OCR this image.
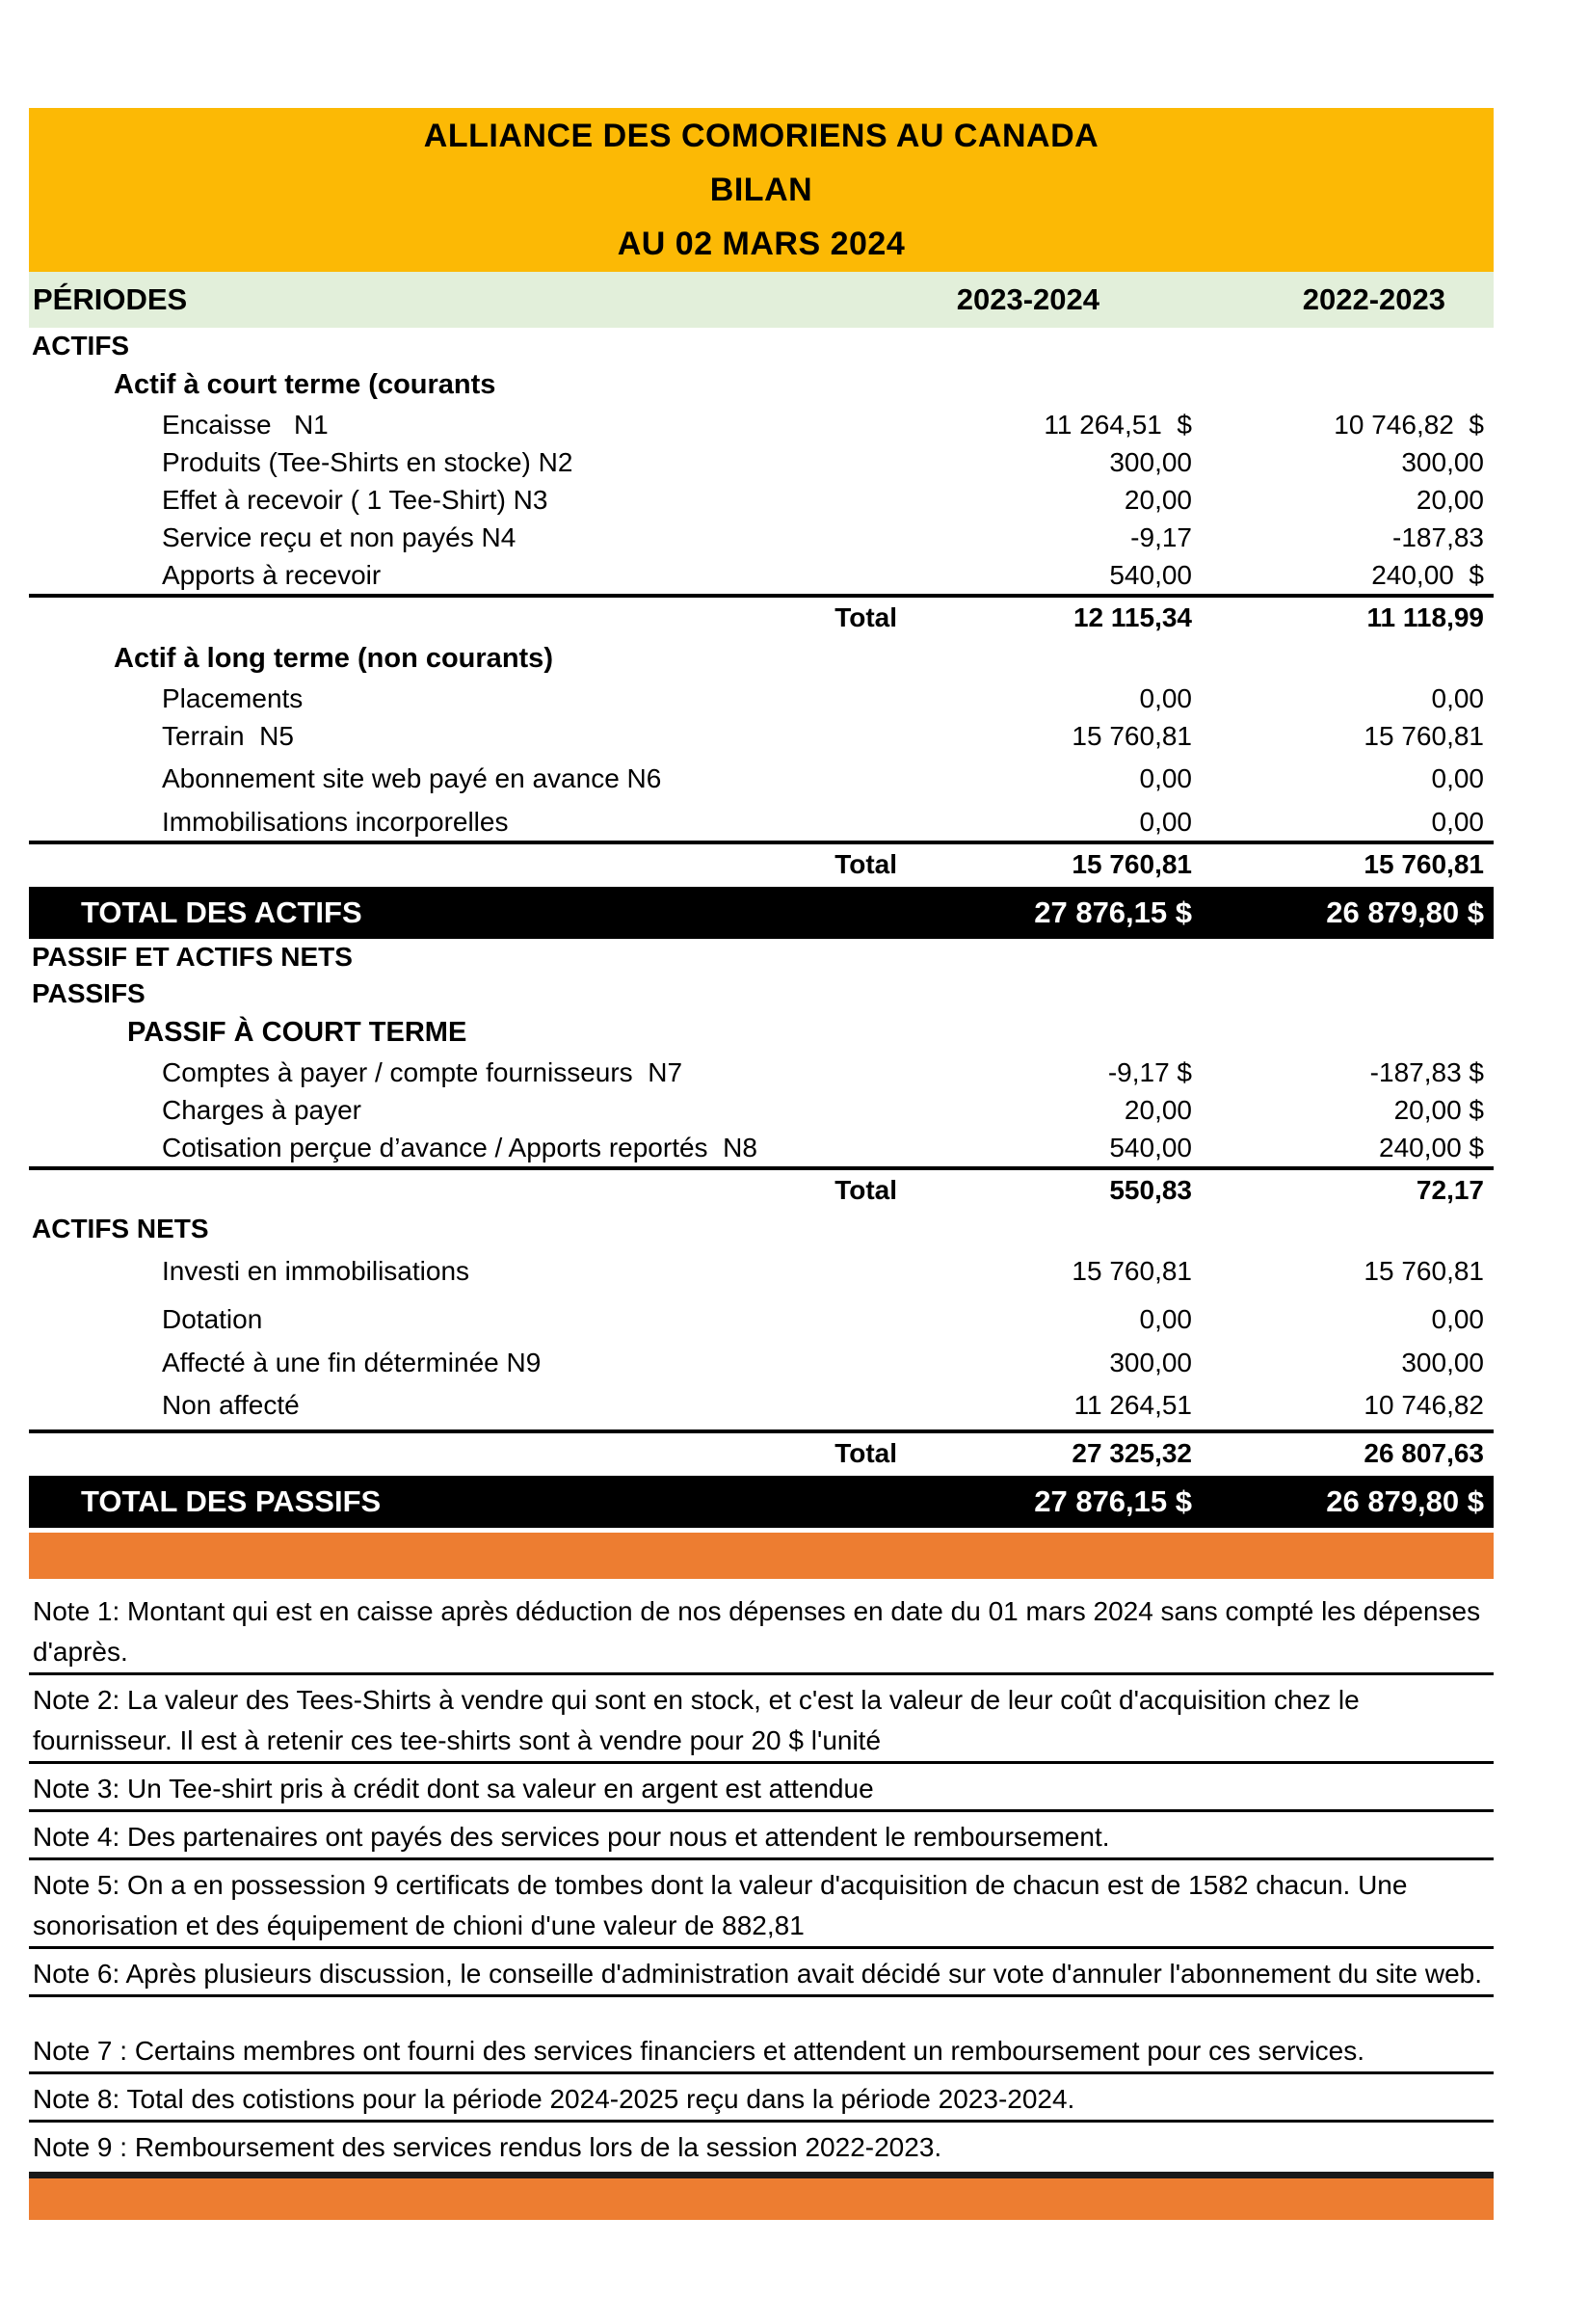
ALLIANCE DES COMORIENS AU CANADA
BILAN
AU 02 MARS 2024
PÉRIODES	2023-2024	2022-2023
ACTIFS
Actif à court terme (courants
Encaisse   N1	11 264,51  $	10 746,82  $
Produits (Tee-Shirts en stocke) N2	300,00	300,00
Effet à recevoir ( 1 Tee-Shirt) N3	20,00	20,00
Service reçu et non payés N4	-9,17	-187,83
Apports à recevoir	540,00	240,00  $
Total	12 115,34	11 118,99
Actif à long terme (non courants)
Placements	0,00	0,00
Terrain  N5	15 760,81	15 760,81
Abonnement site web payé en avance N6	0,00	0,00
Immobilisations incorporelles	0,00	0,00
Total	15 760,81	15 760,81
TOTAL DES ACTIFS	27 876,15 $	26 879,80 $
PASSIF ET ACTIFS NETS
PASSIFS
PASSIF À COURT TERME
Comptes à payer / compte fournisseurs  N7	-9,17 $	-187,83 $
Charges à payer	20,00	20,00 $
Cotisation perçue d’avance / Apports reportés  N8	540,00	240,00 $
Total	550,83	72,17
ACTIFS NETS
Investi en immobilisations	15 760,81	15 760,81
Dotation	0,00	0,00
Affecté à une fin déterminée N9	300,00	300,00
Non affecté	11 264,51	10 746,82
Total	27 325,32	26 807,63
TOTAL DES PASSIFS	27 876,15 $	26 879,80 $
Note 1: Montant qui est en caisse après déduction de nos dépenses en date du 01 mars 2024 sans compté les dépenses d'après.
Note 2: La valeur des Tees-Shirts à vendre qui sont en stock, et c'est la valeur de leur coût d'acquisition chez le fournisseur. Il est à retenir ces tee-shirts sont à vendre pour 20 $ l'unité
Note 3: Un Tee-shirt pris à crédit dont sa valeur en argent est attendue
Note 4: Des partenaires ont payés des services pour nous et attendent le remboursement.
Note 5: On a en possession 9 certificats de tombes dont la valeur d'acquisition de chacun est de 1582 chacun. Une sonorisation et des équipement de chioni d'une valeur de 882,81
Note 6: Après plusieurs discussion, le conseille d'administration avait décidé sur vote d'annuler l'abonnement du site web.
Note 7 : Certains membres ont fourni des services financiers et attendent un remboursement pour ces services.
Note 8: Total des cotistions pour la période 2024-2025 reçu dans la période 2023-2024.
Note 9 : Remboursement des services rendus lors de la session 2022-2023.
